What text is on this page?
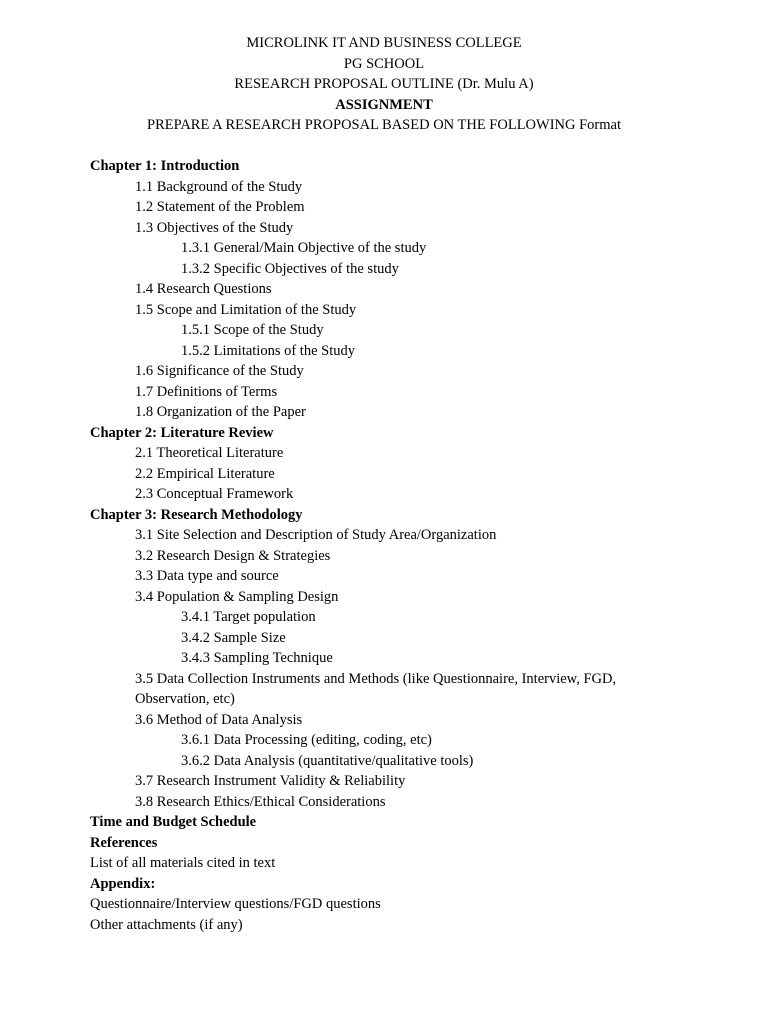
MICROLINK IT AND BUSINESS COLLEGE
PG SCHOOL
RESEARCH PROPOSAL OUTLINE (Dr. Mulu A)
ASSIGNMENT
PREPARE A RESEARCH PROPOSAL BASED ON THE FOLLOWING Format
Chapter 1: Introduction
1.1 Background of the Study
1.2 Statement of the Problem
1.3 Objectives of the Study
1.3.1 General/Main Objective of the study
1.3.2 Specific Objectives of the study
1.4 Research Questions
1.5 Scope and Limitation of the Study
1.5.1 Scope of the Study
1.5.2 Limitations of the Study
1.6 Significance of the Study
1.7 Definitions of Terms
1.8 Organization of the Paper
Chapter 2: Literature Review
2.1 Theoretical Literature
2.2 Empirical Literature
2.3 Conceptual Framework
Chapter 3: Research Methodology
3.1 Site Selection and Description of Study Area/Organization
3.2 Research Design & Strategies
3.3 Data type and source
3.4 Population & Sampling Design
3.4.1 Target population
3.4.2 Sample Size
3.4.3 Sampling Technique
3.5 Data Collection Instruments and Methods (like Questionnaire, Interview, FGD,
Observation, etc)
3.6 Method of Data Analysis
3.6.1 Data Processing (editing, coding, etc)
3.6.2 Data Analysis (quantitative/qualitative tools)
3.7 Research Instrument Validity & Reliability
3.8 Research Ethics/Ethical Considerations
Time and Budget Schedule
References
List of all materials cited in text
Appendix:
Questionnaire/Interview questions/FGD questions
Other attachments (if any)
